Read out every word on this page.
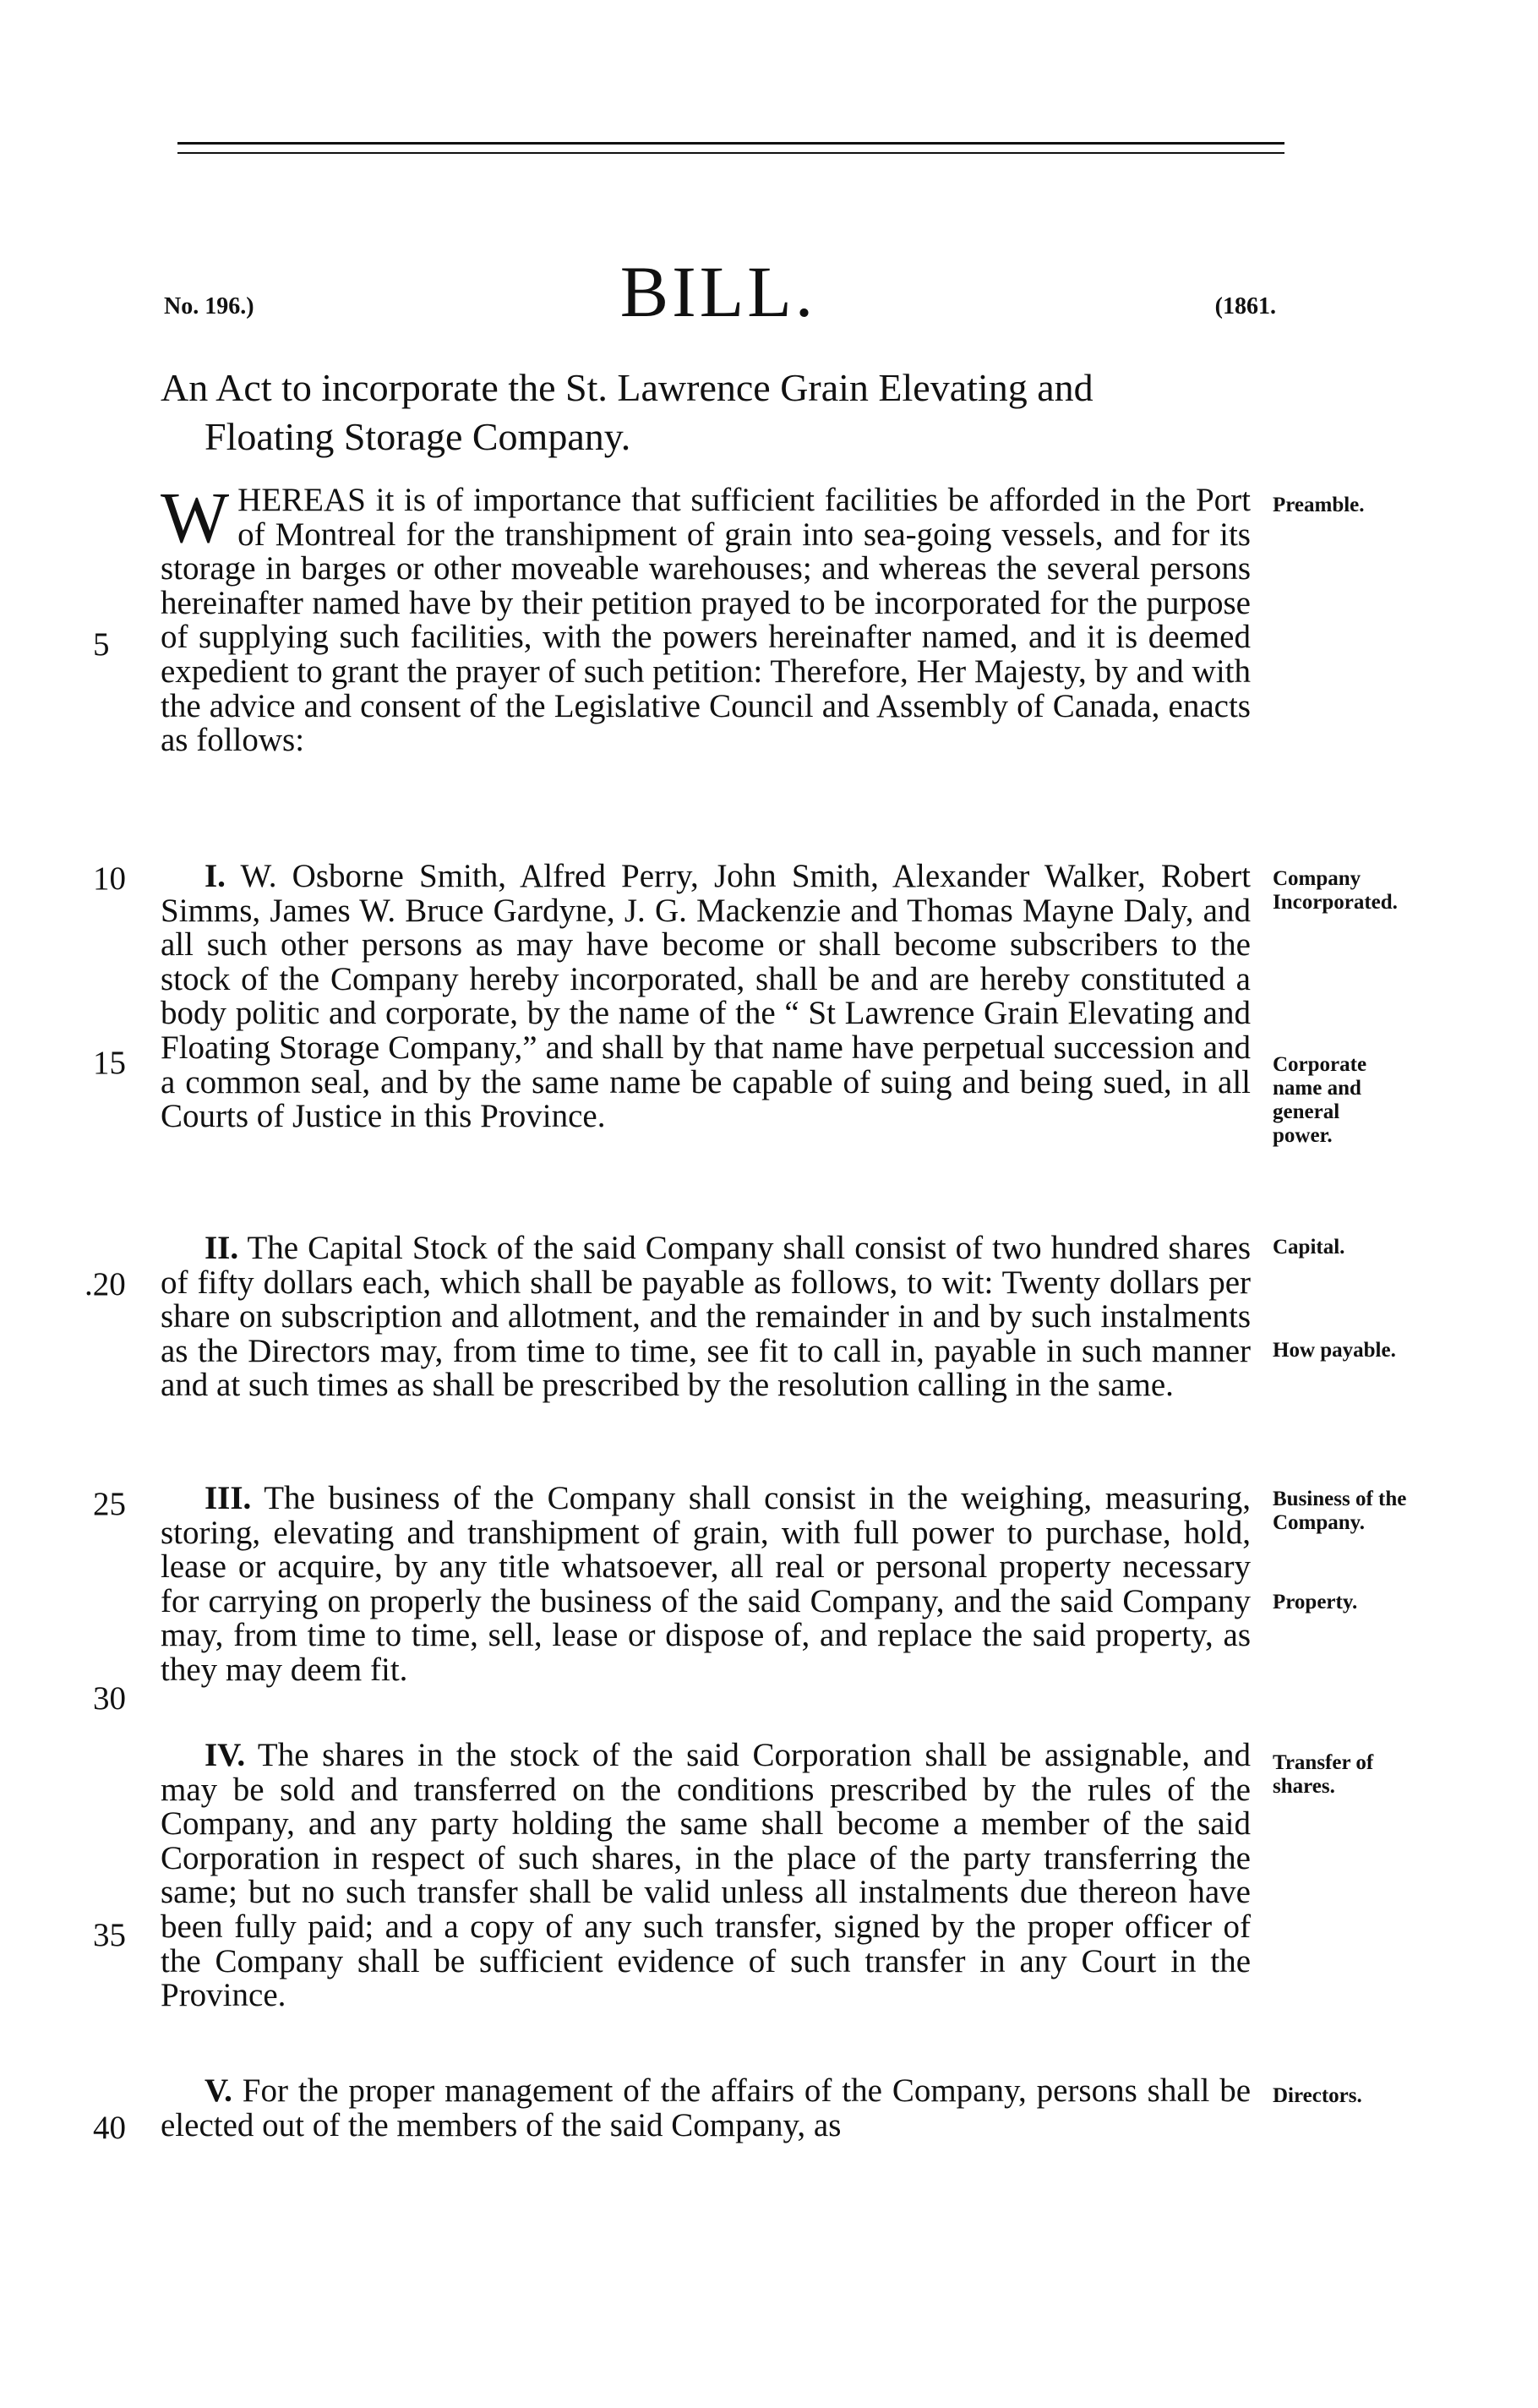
No. 196.)	BILL.	(1861.
An Act to incorporate the St. Lawrence Grain Elevating and
Floating Storage Company.
WHEREAS it is of importance that sufficient facilities be afforded in the Port of Montreal for the transhipment of grain into sea-going vessels, and for its storage in barges or other moveable warehouses; and whereas the several persons hereinafter named have by their petition prayed to be incorporated for the purpose of supplying such facilities, with the powers hereinafter named, and it is deemed expedient to grant the prayer of such petition: Therefore, Her Majesty, by and with the advice and consent of the Legislative Council and Assembly of Canada, enacts as follows:
I. W. Osborne Smith, Alfred Perry, John Smith, Alexander Walker, Robert Simms, James W. Bruce Gardyne, J. G. Mackenzie and Thomas Mayne Daly, and all such other persons as may have become or shall become subscribers to the stock of the Company hereby incorporated, shall be and are hereby constituted a body politic and corporate, by the name of the “ St Lawrence Grain Elevating and Floating Storage Company,” and shall by that name have perpetual succession and a common seal, and by the same name be capable of suing and being sued, in all Courts of Justice in this Province.
II. The Capital Stock of the said Company shall consist of two hundred shares of fifty dollars each, which shall be payable as follows, to wit: Twenty dollars per share on subscription and allotment, and the remainder in and by such instalments as the Directors may, from time to time, see fit to call in, payable in such manner and at such times as shall be prescribed by the resolution calling in the same.
III. The business of the Company shall consist in the weighing, measuring, storing, elevating and transhipment of grain, with full power to purchase, hold, lease or acquire, by any title whatsoever, all real or personal property necessary for carrying on properly the business of the said Company, and the said Company may, from time to time, sell, lease or dispose of, and replace the said property, as they may deem fit.
IV. The shares in the stock of the said Corporation shall be assignable, and may be sold and transferred on the conditions prescribed by the rules of the Company, and any party holding the same shall become a member of the said Corporation in respect of such shares, in the place of the party transferring the same; but no such transfer shall be valid unless all instalments due thereon have been fully paid; and a copy of any such transfer, signed by the proper officer of the Company shall be sufficient evidence of such transfer in any Court in the Province.
V. For the proper management of the affairs of the Company, persons shall be elected out of the members of the said Company, as
5
10
15
.20
25
30
35
40
Preamble.
Company Incorporated.
Corporate name and general power.
Capital.
How payable.
Business of the Company.
Property.
Transfer of shares.
Directors.
